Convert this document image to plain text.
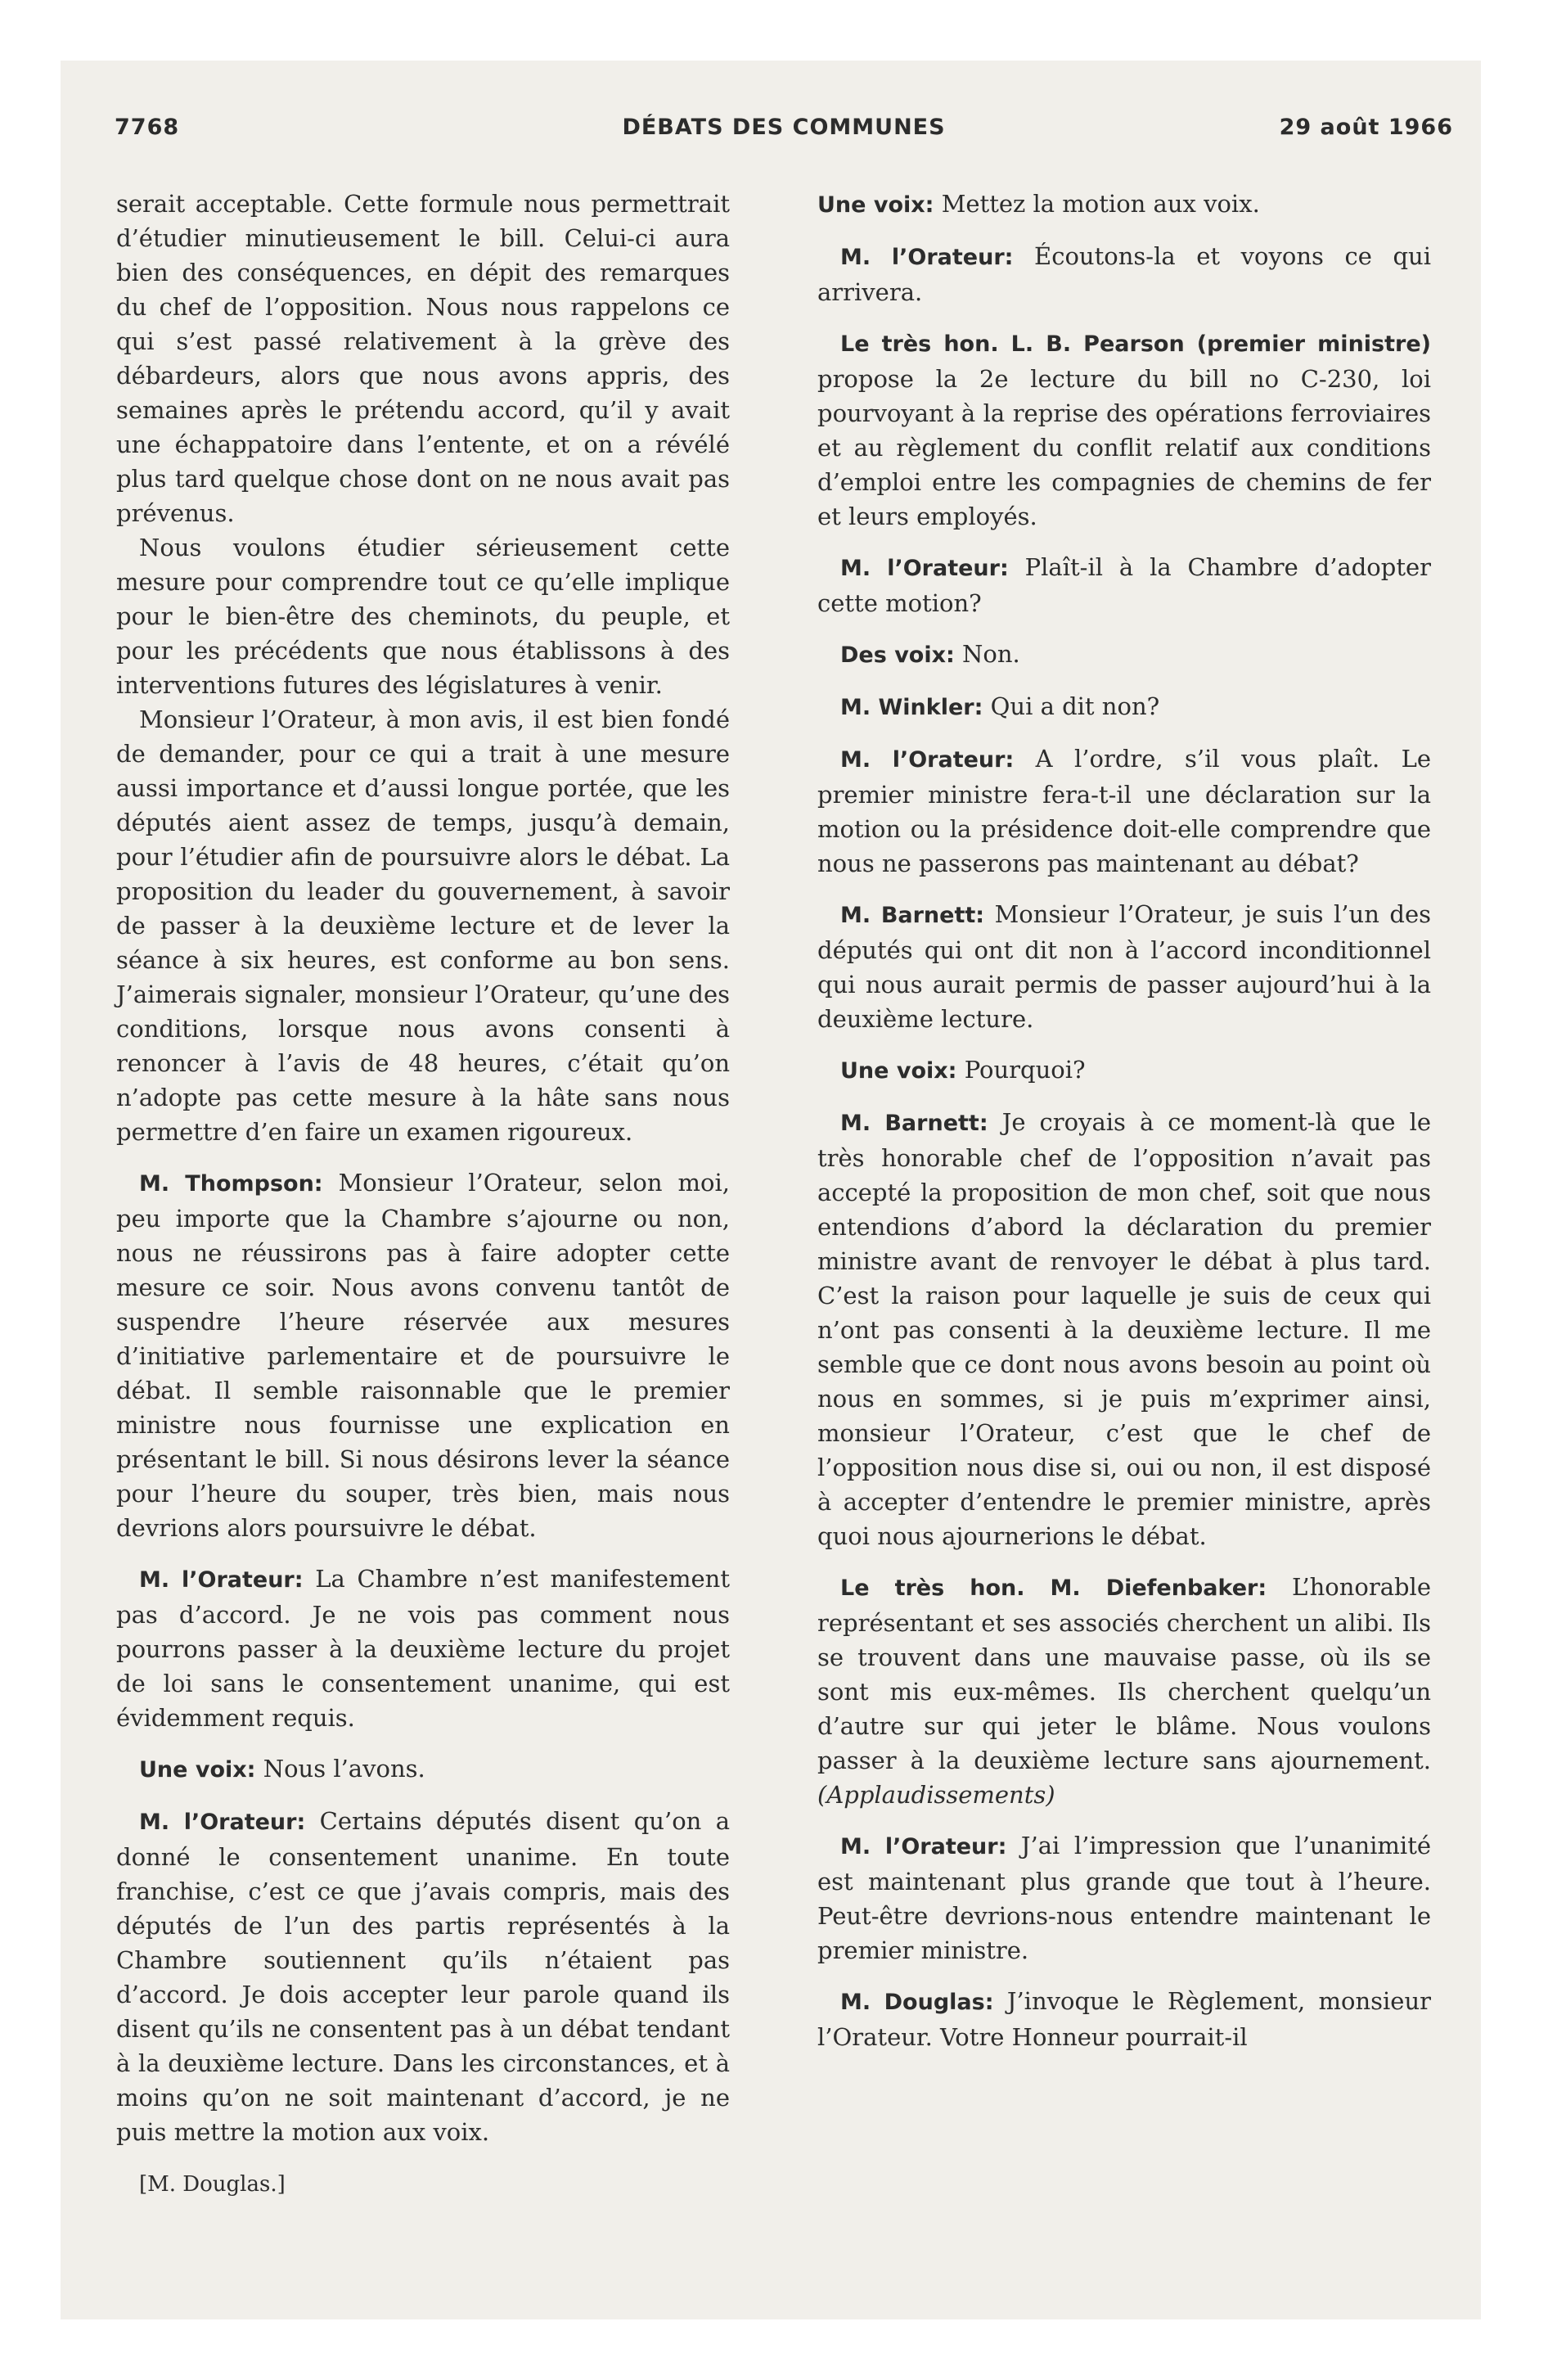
7768	DÉBATS DES COMMUNES	29 août 1966

serait acceptable. Cette formule nous permettrait d’étudier minutieusement le bill. Celui-ci aura bien des conséquences, en dépit des remarques du chef de l’opposition. Nous nous rappelons ce qui s’est passé relativement à la grève des débardeurs, alors que nous avons appris, des semaines après le prétendu accord, qu’il y avait une échappatoire dans l’entente, et on a révélé plus tard quelque chose dont on ne nous avait pas prévenus.

Nous voulons étudier sérieusement cette mesure pour comprendre tout ce qu’elle implique pour le bien-être des cheminots, du peuple, et pour les précédents que nous établissons à des interventions futures des législatures à venir.

Monsieur l’Orateur, à mon avis, il est bien fondé de demander, pour ce qui a trait à une mesure aussi importance et d’aussi longue portée, que les députés aient assez de temps, jusqu’à demain, pour l’étudier afin de poursuivre alors le débat. La proposition du leader du gouvernement, à savoir de passer à la deuxième lecture et de lever la séance à six heures, est conforme au bon sens. J’aimerais signaler, monsieur l’Orateur, qu’une des conditions, lorsque nous avons consenti à renoncer à l’avis de 48 heures, c’était qu’on n’adopte pas cette mesure à la hâte sans nous permettre d’en faire un examen rigoureux.

M. Thompson: Monsieur l’Orateur, selon moi, peu importe que la Chambre s’ajourne ou non, nous ne réussirons pas à faire adopter cette mesure ce soir. Nous avons convenu tantôt de suspendre l’heure réservée aux mesures d’initiative parlementaire et de poursuivre le débat. Il semble raisonnable que le premier ministre nous fournisse une explication en présentant le bill. Si nous désirons lever la séance pour l’heure du souper, très bien, mais nous devrions alors poursuivre le débat.

M. l’Orateur: La Chambre n’est manifestement pas d’accord. Je ne vois pas comment nous pourrons passer à la deuxième lecture du projet de loi sans le consentement unanime, qui est évidemment requis.

Une voix: Nous l’avons.

M. l’Orateur: Certains députés disent qu’on a donné le consentement unanime. En toute franchise, c’est ce que j’avais compris, mais des députés de l’un des partis représentés à la Chambre soutiennent qu’ils n’étaient pas d’accord. Je dois accepter leur parole quand ils disent qu’ils ne consentent pas à un débat tendant à la deuxième lecture. Dans les circonstances, et à moins qu’on ne soit maintenant d’accord, je ne puis mettre la motion aux voix.

[M. Douglas.]

Une voix: Mettez la motion aux voix.

M. l’Orateur: Écoutons-la et voyons ce qui arrivera.

Le très hon. L. B. Pearson (premier ministre) propose la 2e lecture du bill no C-230, loi pourvoyant à la reprise des opérations ferroviaires et au règlement du conflit relatif aux conditions d’emploi entre les compagnies de chemins de fer et leurs employés.

M. l’Orateur: Plaît-il à la Chambre d’adopter cette motion?

Des voix: Non.

M. Winkler: Qui a dit non?

M. l’Orateur: A l’ordre, s’il vous plaît. Le premier ministre fera-t-il une déclaration sur la motion ou la présidence doit-elle comprendre que nous ne passerons pas maintenant au débat?

M. Barnett: Monsieur l’Orateur, je suis l’un des députés qui ont dit non à l’accord inconditionnel qui nous aurait permis de passer aujourd’hui à la deuxième lecture.

Une voix: Pourquoi?

M. Barnett: Je croyais à ce moment-là que le très honorable chef de l’opposition n’avait pas accepté la proposition de mon chef, soit que nous entendions d’abord la déclaration du premier ministre avant de renvoyer le débat à plus tard. C’est la raison pour laquelle je suis de ceux qui n’ont pas consenti à la deuxième lecture. Il me semble que ce dont nous avons besoin au point où nous en sommes, si je puis m’exprimer ainsi, monsieur l’Orateur, c’est que le chef de l’opposition nous dise si, oui ou non, il est disposé à accepter d’entendre le premier ministre, après quoi nous ajournerions le débat.

Le très hon. M. Diefenbaker: L’honorable représentant et ses associés cherchent un alibi. Ils se trouvent dans une mauvaise passe, où ils se sont mis eux-mêmes. Ils cherchent quelqu’un d’autre sur qui jeter le blâme. Nous voulons passer à la deuxième lecture sans ajournement. (Applaudissements)

M. l’Orateur: J’ai l’impression que l’unanimité est maintenant plus grande que tout à l’heure. Peut-être devrions-nous entendre maintenant le premier ministre.

M. Douglas: J’invoque le Règlement, monsieur l’Orateur. Votre Honneur pourrait-il
